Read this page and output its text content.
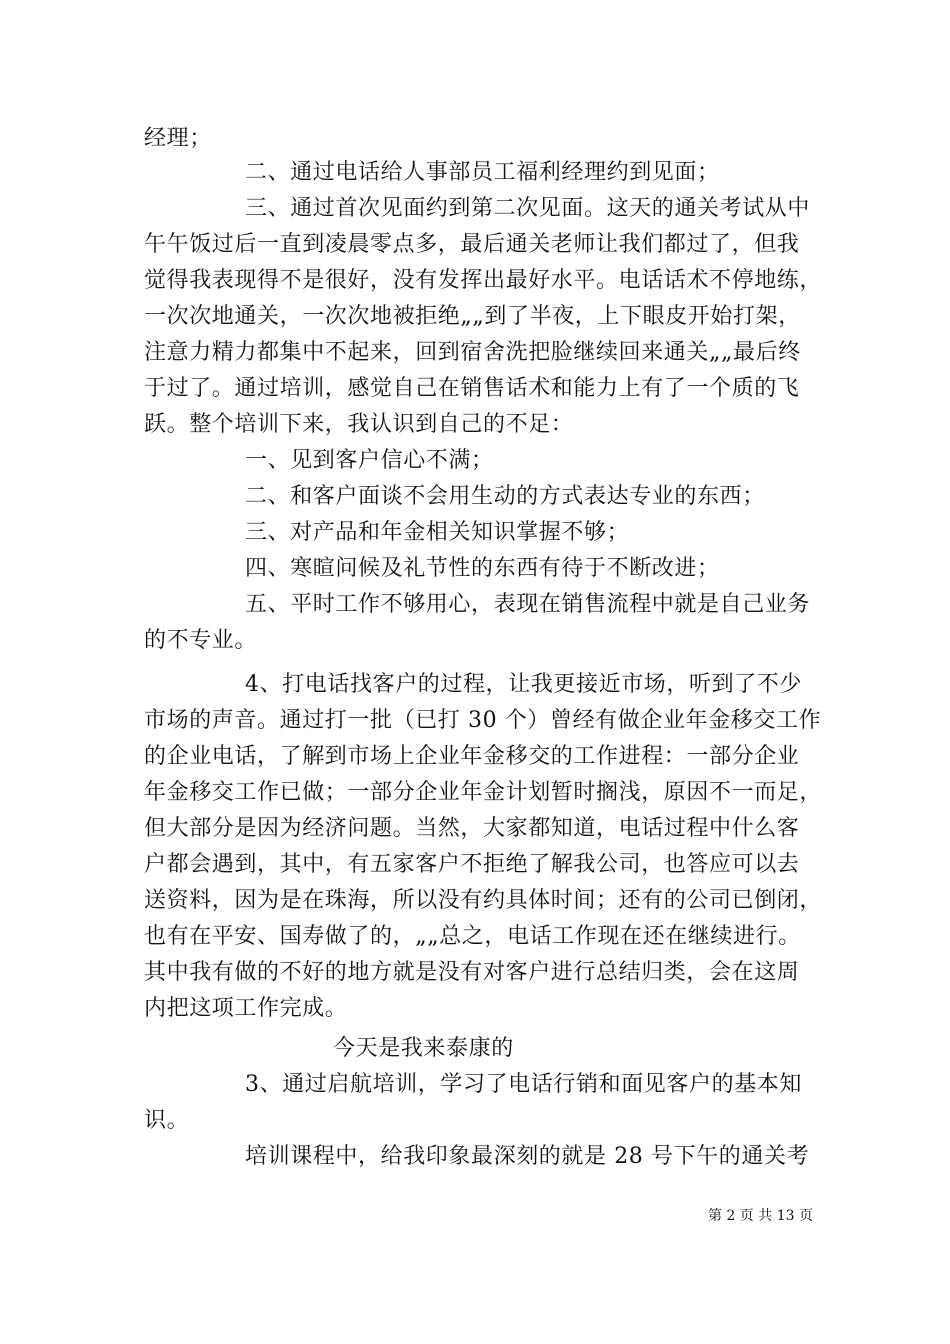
经理；
二、通过电话给人事部员工福利经理约到见面；
三、通过首次见面约到第二次见面。这天的通关考试从中
午午饭过后一直到凌晨零点多，最后通关老师让我们都过了，但我
觉得我表现得不是很好，没有发挥出最好水平。电话话术不停地练，
一次次地通关，一次次地被拒绝„„到了半夜，上下眼皮开始打架，
注意力精力都集中不起来，回到宿舍洗把脸继续回来通关„„最后终
于过了。通过培训，感觉自己在销售话术和能力上有了一个质的飞
跃。整个培训下来，我认识到自己的不足：
一、见到客户信心不满；
二、和客户面谈不会用生动的方式表达专业的东西；
三、对产品和年金相关知识掌握不够；
四、寒暄问候及礼节性的东西有待于不断改进；
五、平时工作不够用心，表现在销售流程中就是自己业务
的不专业。
4、打电话找客户的过程，让我更接近市场，听到了不少
市场的声音。通过打一批（已打 30 个）曾经有做企业年金移交工作
的企业电话，了解到市场上企业年金移交的工作进程：一部分企业
年金移交工作已做；一部分企业年金计划暂时搁浅，原因不一而足，
但大部分是因为经济问题。当然，大家都知道，电话过程中什么客
户都会遇到，其中，有五家客户不拒绝了解我公司，也答应可以去
送资料，因为是在珠海，所以没有约具体时间；还有的公司已倒闭，
也有在平安、国寿做了的，„„总之，电话工作现在还在继续进行。
其中我有做的不好的地方就是没有对客户进行总结归类，会在这周
内把这项工作完成。
今天是我来泰康的
3、通过启航培训，学习了电话行销和面见客户的基本知
识。
培训课程中，给我印象最深刻的就是 28 号下午的通关考
第 2 页 共 13 页
